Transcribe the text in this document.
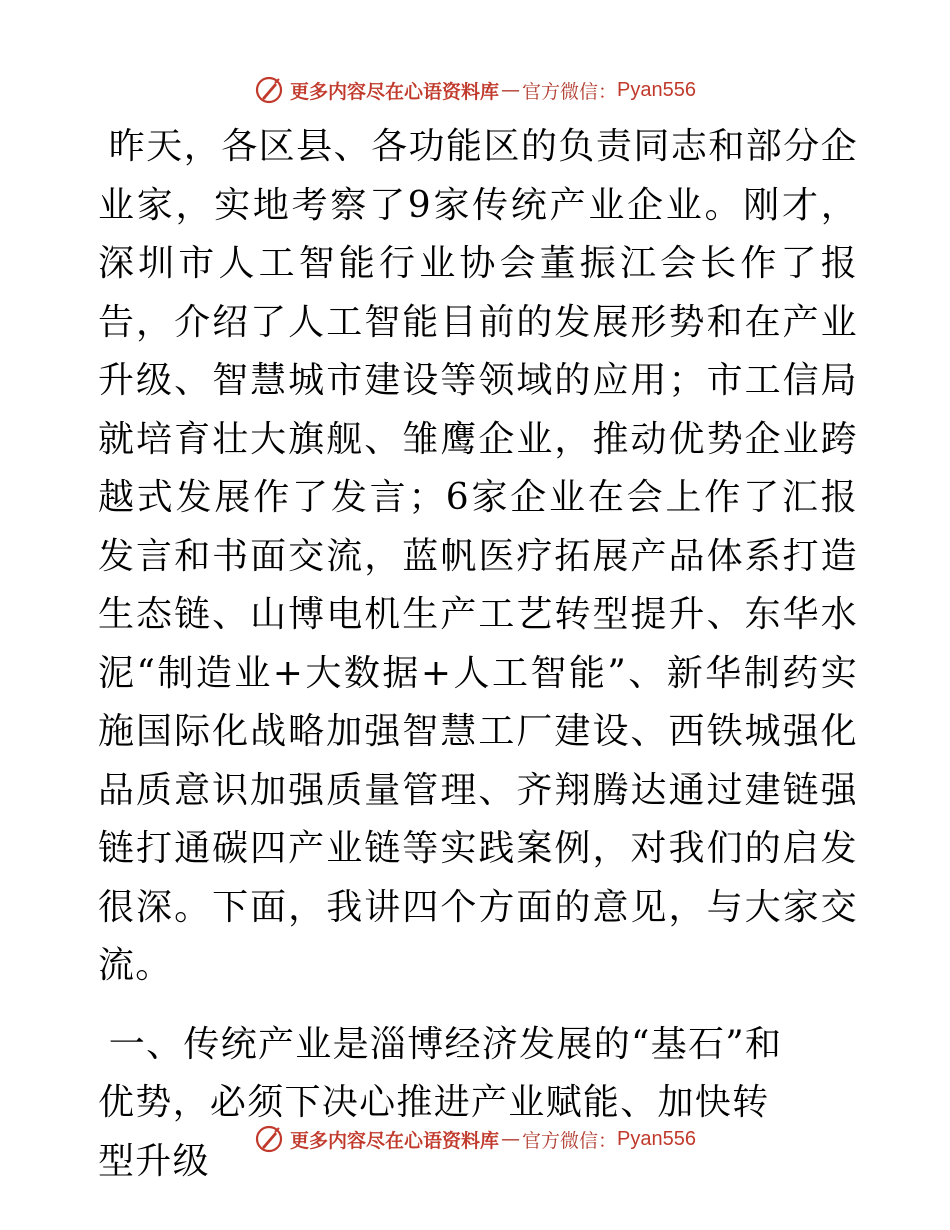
更多内容尽在心语资料库 — 官方微信： Pyan556

昨天，各区县、各功能区的负责同志和部分企业家，实地考察了9家传统产业企业。刚才，深圳市人工智能行业协会董振江会长作了报告，介绍了人工智能目前的发展形势和在产业升级、智慧城市建设等领域的应用；市工信局就培育壮大旗舰、雏鹰企业，推动优势企业跨越式发展作了发言；6家企业在会上作了汇报发言和书面交流，蓝帆医疗拓展产品体系打造生态链、山博电机生产工艺转型提升、东华水泥“制造业+大数据+人工智能”、新华制药实施国际化战略加强智慧工厂建设、西铁城强化品质意识加强质量管理、齐翔腾达通过建链强链打通碳四产业链等实践案例，对我们的启发很深。下面，我讲四个方面的意见，与大家交流。

一、传统产业是淄博经济发展的“基石”和优势，必须下决心推进产业赋能、加快转型升级	更多内容尽在心语资料库 — 官方微信： Pyan556
